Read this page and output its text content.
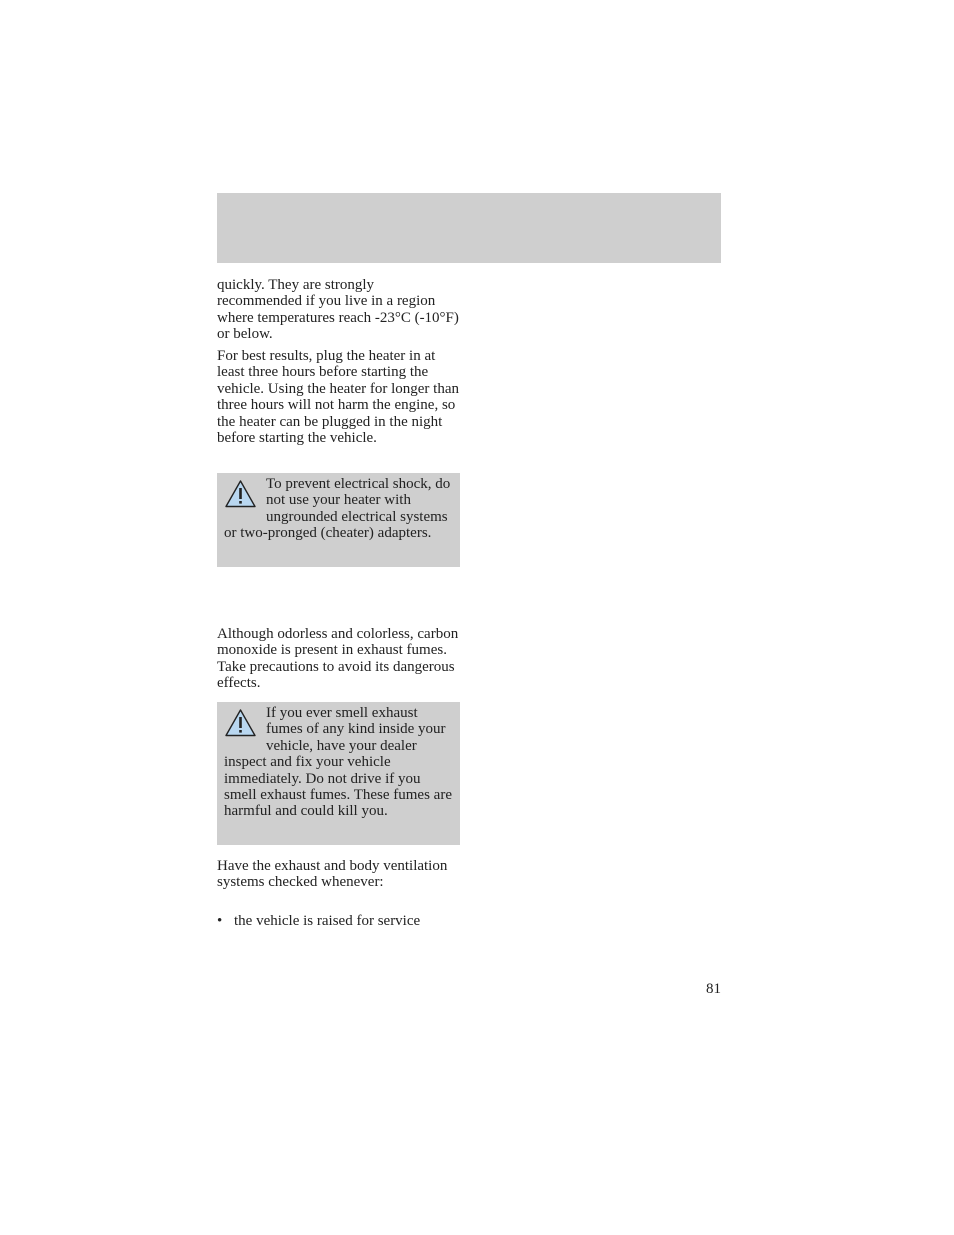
quickly. They are strongly recommended if you live in a region where temperatures reach -23°C (-10°F) or below.

For best results, plug the heater in at least three hours before starting the vehicle. Using the heater for longer than three hours will not harm the engine, so the heater can be plugged in the night before starting the vehicle.

To prevent electrical shock, do not use your heater with ungrounded electrical systems or two-pronged (cheater) adapters.

Although odorless and colorless, carbon monoxide is present in exhaust fumes. Take precautions to avoid its dangerous effects.

If you ever smell exhaust fumes of any kind inside your vehicle, have your dealer inspect and fix your vehicle immediately. Do not drive if you smell exhaust fumes. These fumes are harmful and could kill you.

Have the exhaust and body ventilation systems checked whenever:

• the vehicle is raised for service
81
